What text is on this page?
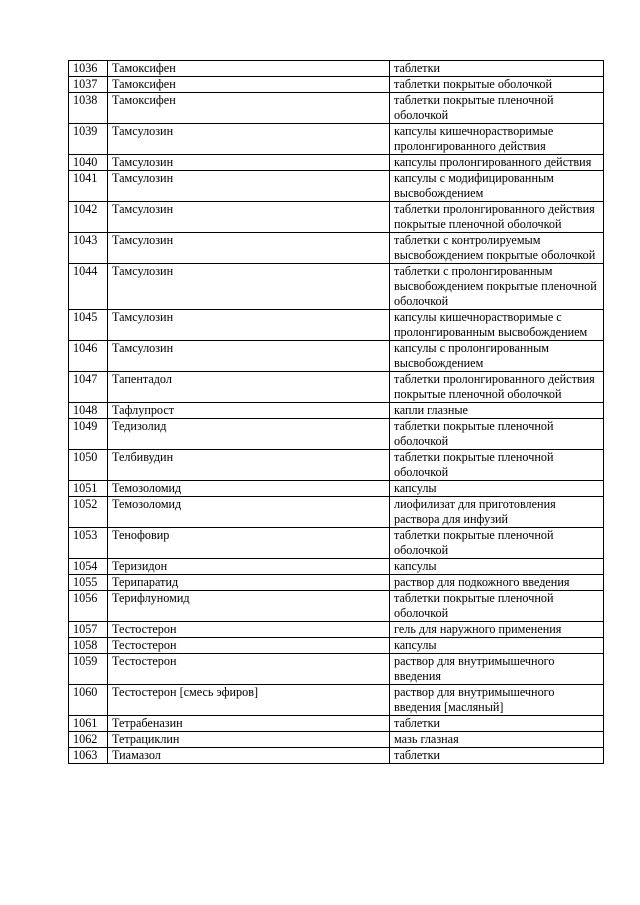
1036	Тамоксифен	таблетки
1037	Тамоксифен	таблетки покрытые оболочкой
1038	Тамоксифен	таблетки покрытые пленочной оболочкой
1039	Тамсулозин	капсулы кишечнорастворимые пролонгированного действия
1040	Тамсулозин	капсулы пролонгированного действия
1041	Тамсулозин	капсулы с модифицированным высвобождением
1042	Тамсулозин	таблетки пролонгированного действия покрытые пленочной оболочкой
1043	Тамсулозин	таблетки с контролируемым высвобождением покрытые оболочкой
1044	Тамсулозин	таблетки с пролонгированным высвобождением покрытые пленочной оболочкой
1045	Тамсулозин	капсулы кишечнорастворимые с пролонгированным высвобождением
1046	Тамсулозин	капсулы с пролонгированным высвобождением
1047	Тапентадол	таблетки пролонгированного действия покрытые пленочной оболочкой
1048	Тафлупрост	капли глазные
1049	Тедизолид	таблетки покрытые пленочной оболочкой
1050	Телбивудин	таблетки покрытые пленочной оболочкой
1051	Темозоломид	капсулы
1052	Темозоломид	лиофилизат для приготовления раствора для инфузий
1053	Тенофовир	таблетки покрытые пленочной оболочкой
1054	Теризидон	капсулы
1055	Терипаратид	раствор для подкожного введения
1056	Терифлуномид	таблетки покрытые пленочной оболочкой
1057	Тестостерон	гель для наружного применения
1058	Тестостерон	капсулы
1059	Тестостерон	раствор для внутримышечного введения
1060	Тестостерон [смесь эфиров]	раствор для внутримышечного введения [масляный]
1061	Тетрабеназин	таблетки
1062	Тетрациклин	мазь глазная
1063	Тиамазол	таблетки
